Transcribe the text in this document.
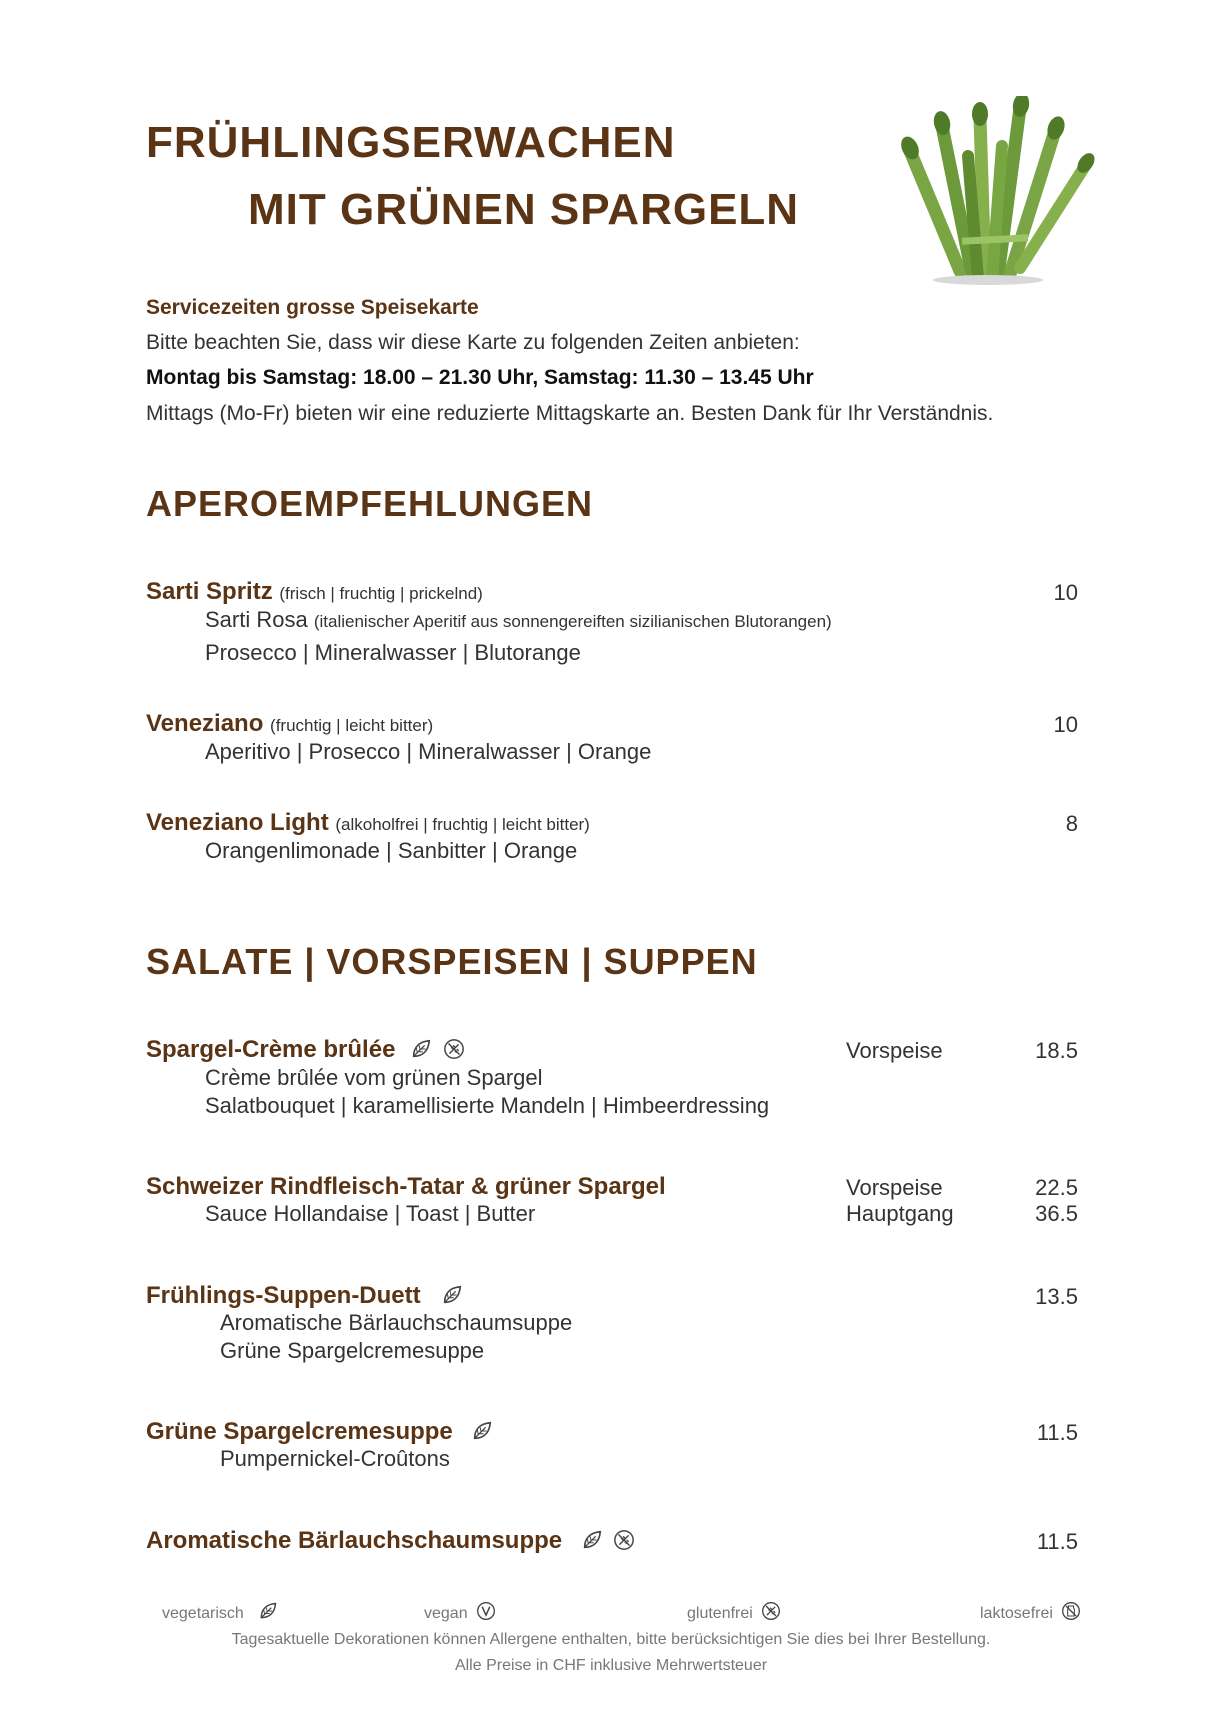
FRÜHLINGSERWACHEN
MIT GRÜNEN SPARGELN
Servicezeiten grosse Speisekarte
Bitte beachten Sie, dass wir diese Karte zu folgenden Zeiten anbieten:
Montag bis Samstag: 18.00 – 21.30 Uhr, Samstag: 11.30 – 13.45 Uhr
Mittags (Mo-Fr) bieten wir eine reduzierte Mittagskarte an. Besten Dank für Ihr Verständnis.
APEROEMPFEHLUNGEN
Sarti Spritz (frisch | fruchtig | prickelnd)	10
Sarti Rosa (italienischer Aperitif aus sonnengereiften sizilianischen Blutorangen)
Prosecco | Mineralwasser | Blutorange
Veneziano (fruchtig | leicht bitter)	10
Aperitivo | Prosecco | Mineralwasser | Orange
Veneziano Light (alkoholfrei | fruchtig | leicht bitter)	8
Orangenlimonade | Sanbitter | Orange
SALATE | VORSPEISEN | SUPPEN
Spargel-Crème brûlée	Vorspeise	18.5
Crème brûlée vom grünen Spargel
Salatbouquet | karamellisierte Mandeln | Himbeerdressing
Schweizer Rindfleisch-Tatar & grüner Spargel	Vorspeise	22.5
Sauce Hollandaise | Toast | Butter	Hauptgang	36.5
Frühlings-Suppen-Duett	13.5
Aromatische Bärlauchschaumsuppe
Grüne Spargelcremesuppe
Grüne Spargelcremesuppe	11.5
Pumpernickel-Croûtons
Aromatische Bärlauchschaumsuppe	11.5
vegetarisch	vegan	glutenfrei	laktosefrei
Tagesaktuelle Dekorationen können Allergene enthalten, bitte berücksichtigen Sie dies bei Ihrer Bestellung.
Alle Preise in CHF inklusive Mehrwertsteuer
